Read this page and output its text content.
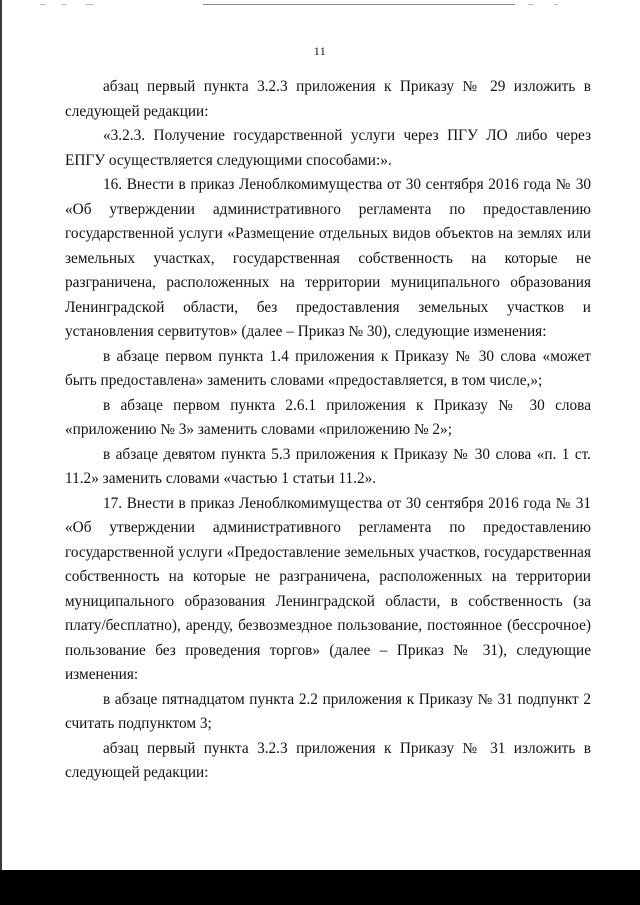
11

абзац первый пункта 3.2.3 приложения к Приказу № 29 изложить в следующей редакции:

«3.2.3. Получение государственной услуги через ПГУ ЛО либо через ЕПГУ осуществляется следующими способами:».

16. Внести в приказ Леноблкомимущества от 30 сентября 2016 года № 30 «Об утверждении административного регламента по предоставлению государственной услуги «Размещение отдельных видов объектов на землях или земельных участках, государственная собственность на которые не разграничена, расположенных на территории муниципального образования Ленинградской области, без предоставления земельных участков и установления сервитутов» (далее – Приказ № 30), следующие изменения:

в абзаце первом пункта 1.4 приложения к Приказу № 30 слова «может быть предоставлена» заменить словами «предоставляется, в том числе,»;

в абзаце первом пункта 2.6.1 приложения к Приказу № 30 слова «приложению № 3» заменить словами «приложению № 2»;

в абзаце девятом пункта 5.3 приложения к Приказу № 30 слова «п. 1 ст. 11.2» заменить словами «частью 1 статьи 11.2».

17. Внести в приказ Леноблкомимущества от 30 сентября 2016 года № 31 «Об утверждении административного регламента по предоставлению государственной услуги «Предоставление земельных участков, государственная собственность на которые не разграничена, расположенных на территории муниципального образования Ленинградской области, в собственность (за плату/бесплатно), аренду, безвозмездное пользование, постоянное (бессрочное) пользование без проведения торгов» (далее – Приказ № 31), следующие изменения:

в абзаце пятнадцатом пункта 2.2 приложения к Приказу № 31 подпункт 2 считать подпунктом 3;

абзац первый пункта 3.2.3 приложения к Приказу № 31 изложить в следующей редакции:
